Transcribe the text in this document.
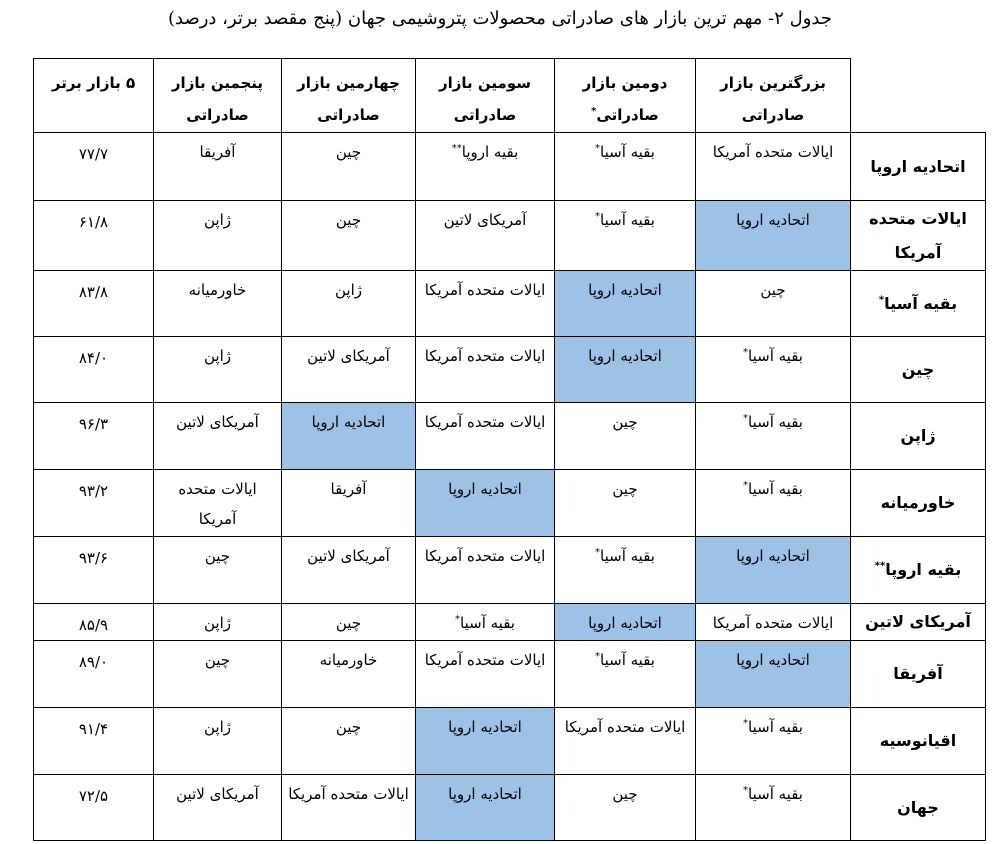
جدول ۲- مهم ترین بازار های صادراتی محصولات پتروشیمی جهان (پنج مقصد برتر، درصد)
۵ بازار برتر	پنجمین بازار صادراتی	چهارمین بازار صادراتی	سومین بازار صادراتی	دومین بازار صادراتی*	بزرگترین بازار صادراتی	

۷۷/۷	آفریقا	چین	بقیه اروپا**	بقیه آسیا*	ایالات متحده آمریکا	اتحادیه اروپا

۶۱/۸	ژاپن	چین	آمریکای لاتین	بقیه آسیا*	اتحادیه اروپا	ایالات متحده آمریکا

۸۳/۸	خاورمیانه	ژاپن	ایالات متحده آمریکا	اتحادیه اروپا	چین	بقیه آسیا*

۸۴/۰	ژاپن	آمریکای لاتین	ایالات متحده آمریکا	اتحادیه اروپا	بقیه آسیا*	چین

۹۶/۳	آمریکای لاتین	اتحادیه اروپا	ایالات متحده آمریکا	چین	بقیه آسیا*	ژاپن

۹۳/۲	ایالات متحده آمریکا	آفریقا	اتحادیه اروپا	چین	بقیه آسیا*	خاورمیانه

۹۳/۶	چین	آمریکای لاتین	ایالات متحده آمریکا	بقیه آسیا*	اتحادیه اروپا	بقیه اروپا**

۸۵/۹	ژاپن	چین	بقیه آسیا*	اتحادیه اروپا	ایالات متحده آمریکا	آمریکای لاتین

۸۹/۰	چین	خاورمیانه	ایالات متحده آمریکا	بقیه آسیا*	اتحادیه اروپا	آفریقا

۹۱/۴	ژاپن	چین	اتحادیه اروپا	ایالات متحده آمریکا	بقیه آسیا*	اقیانوسیه

۷۲/۵	آمریکای لاتین	ایالات متحده آمریکا	اتحادیه اروپا	چین	بقیه آسیا*	جهان
